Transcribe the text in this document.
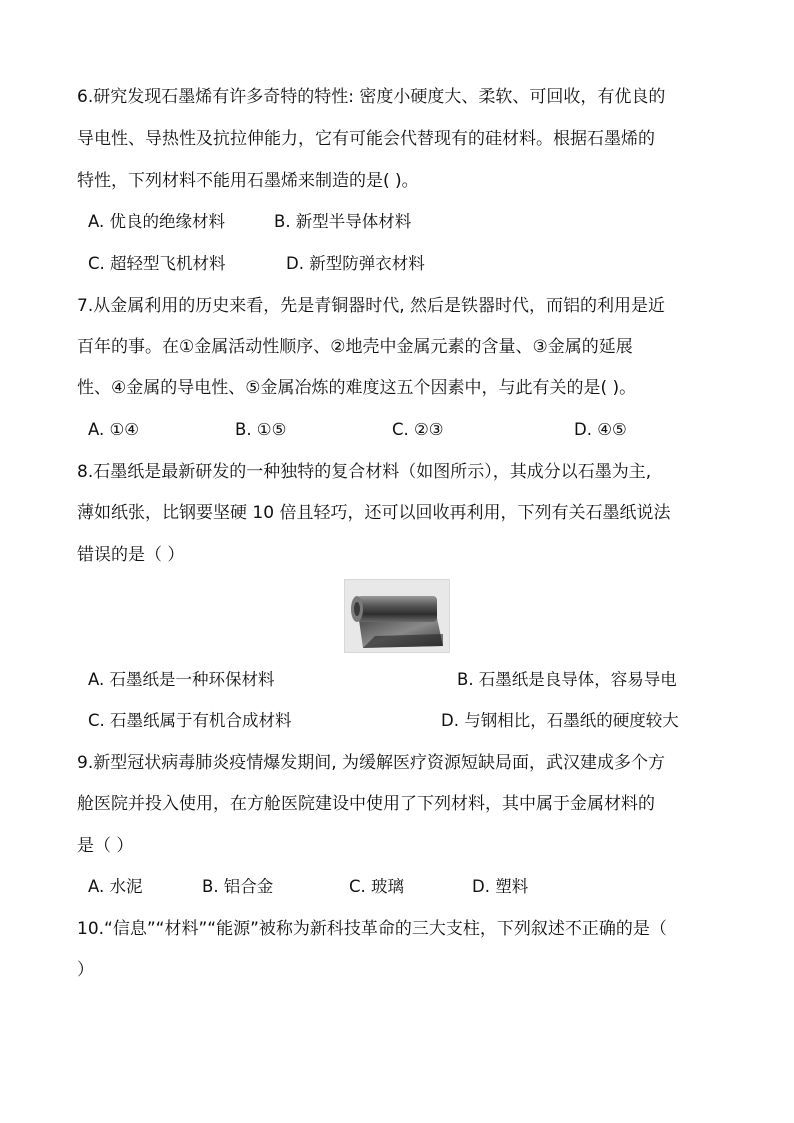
6.研究发现石墨烯有许多奇特的特性: 密度小硬度大、柔软、可回收，有优良的
导电性、导热性及抗拉伸能力，它有可能会代替现有的硅材料。根据石墨烯的
特性，下列材料不能用石墨烯来制造的是( )。
A. 优良的绝缘材料	B. 新型半导体材料
C. 超轻型飞机材料	D. 新型防弹衣材料
7.从金属利用的历史来看，先是青铜器时代, 然后是铁器时代，而铝的利用是近
百年的事。在①金属活动性顺序、②地壳中金属元素的含量、③金属的延展
性、④金属的导电性、⑤金属冶炼的难度这五个因素中，与此有关的是( )。
A. ①④	B. ①⑤	C. ②③	D. ④⑤
8.石墨纸是最新研发的一种独特的复合材料（如图所示），其成分以石墨为主,
薄如纸张，比钢要坚硬 10 倍且轻巧，还可以回收再利用，下列有关石墨纸说法
错误的是（ ）
A. 石墨纸是一种环保材料	B. 石墨纸是良导体，容易导电
C. 石墨纸属于有机合成材料	D. 与钢相比，石墨纸的硬度较大
9.新型冠状病毒肺炎疫情爆发期间, 为缓解医疗资源短缺局面，武汉建成多个方
舱医院并投入使用，在方舱医院建设中使用了下列材料，其中属于金属材料的
是（ ）
A. 水泥	B. 铝合金	C. 玻璃	D. 塑料
10.“信息”“材料”“能源”被称为新科技革命的三大支柱，下列叙述不正确的是（
）
